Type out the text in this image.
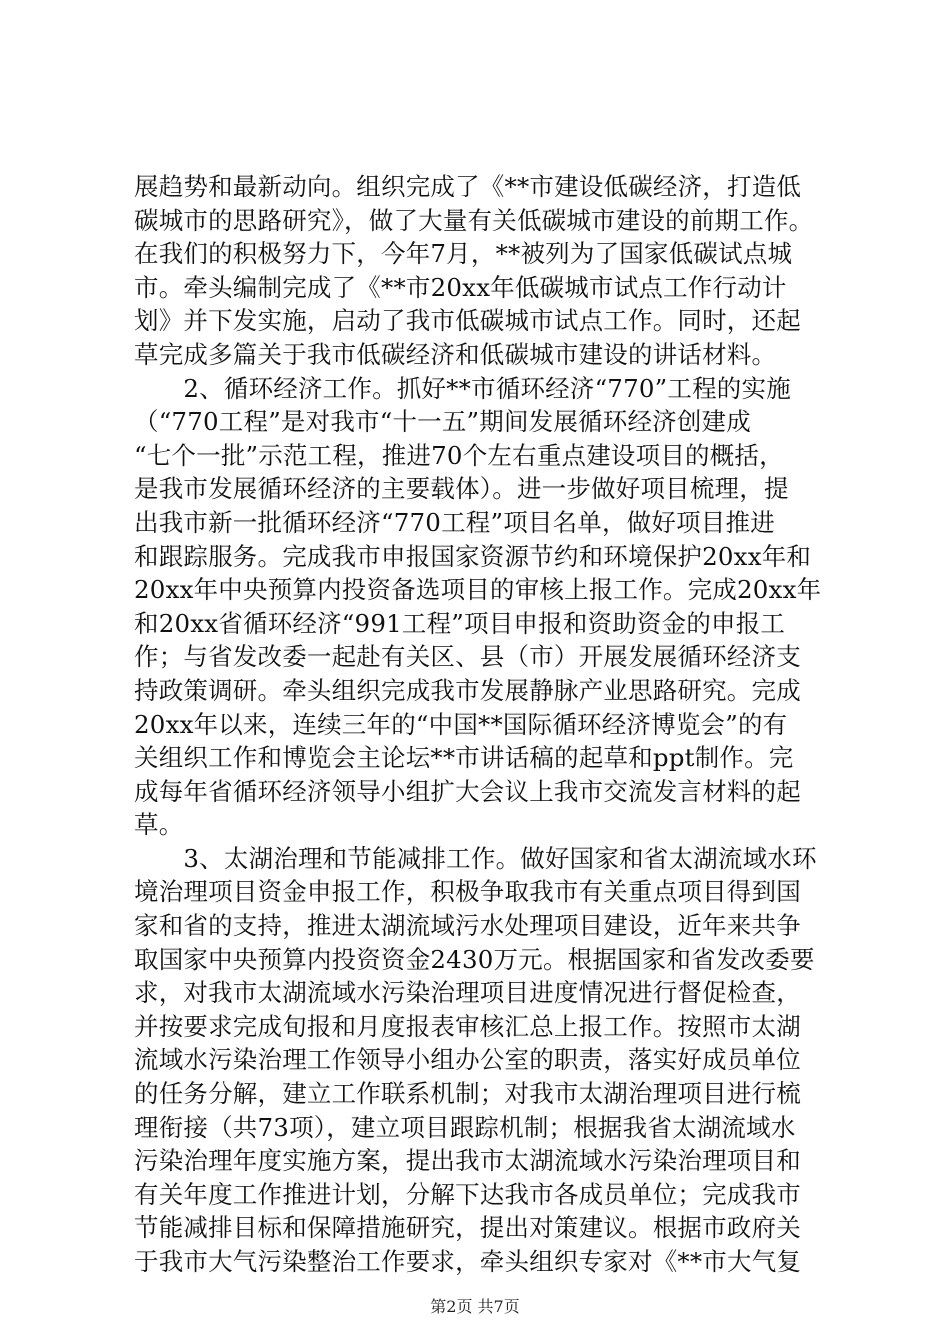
展趋势和最新动向。组织完成了《**市建设低碳经济，打造低
碳城市的思路研究》，做了大量有关低碳城市建设的前期工作。
在我们的积极努力下，今年7月，**被列为了国家低碳试点城
市。牵头编制完成了《**市20xx年低碳城市试点工作行动计
划》并下发实施，启动了我市低碳城市试点工作。同时，还起
草完成多篇关于我市低碳经济和低碳城市建设的讲话材料。
　　2、循环经济工作。抓好**市循环经济“770”工程的实施
（“770工程”是对我市“十一五”期间发展循环经济创建成
“七个一批”示范工程，推进70个左右重点建设项目的概括，
是我市发展循环经济的主要载体）。进一步做好项目梳理，提
出我市新一批循环经济“770工程”项目名单，做好项目推进
和跟踪服务。完成我市申报国家资源节约和环境保护20xx年和
20xx年中央预算内投资备选项目的审核上报工作。完成20xx年
和20xx省循环经济“991工程”项目申报和资助资金的申报工
作；与省发改委一起赴有关区、县（市）开展发展循环经济支
持政策调研。牵头组织完成我市发展静脉产业思路研究。完成
20xx年以来，连续三年的“中国**国际循环经济博览会”的有
关组织工作和博览会主论坛**市讲话稿的起草和ppt制作。完
成每年省循环经济领导小组扩大会议上我市交流发言材料的起
草。
　　3、太湖治理和节能减排工作。做好国家和省太湖流域水环
境治理项目资金申报工作，积极争取我市有关重点项目得到国
家和省的支持，推进太湖流域污水处理项目建设，近年来共争
取国家中央预算内投资资金2430万元。根据国家和省发改委要
求，对我市太湖流域水污染治理项目进度情况进行督促检查，
并按要求完成旬报和月度报表审核汇总上报工作。按照市太湖
流域水污染治理工作领导小组办公室的职责，落实好成员单位
的任务分解，建立工作联系机制；对我市太湖治理项目进行梳
理衔接（共73项），建立项目跟踪机制；根据我省太湖流域水
污染治理年度实施方案，提出我市太湖流域水污染治理项目和
有关年度工作推进计划，分解下达我市各成员单位；完成我市
节能减排目标和保障措施研究，提出对策建议。根据市政府关
于我市大气污染整治工作要求，牵头组织专家对《**市大气复
第2页 共7页
